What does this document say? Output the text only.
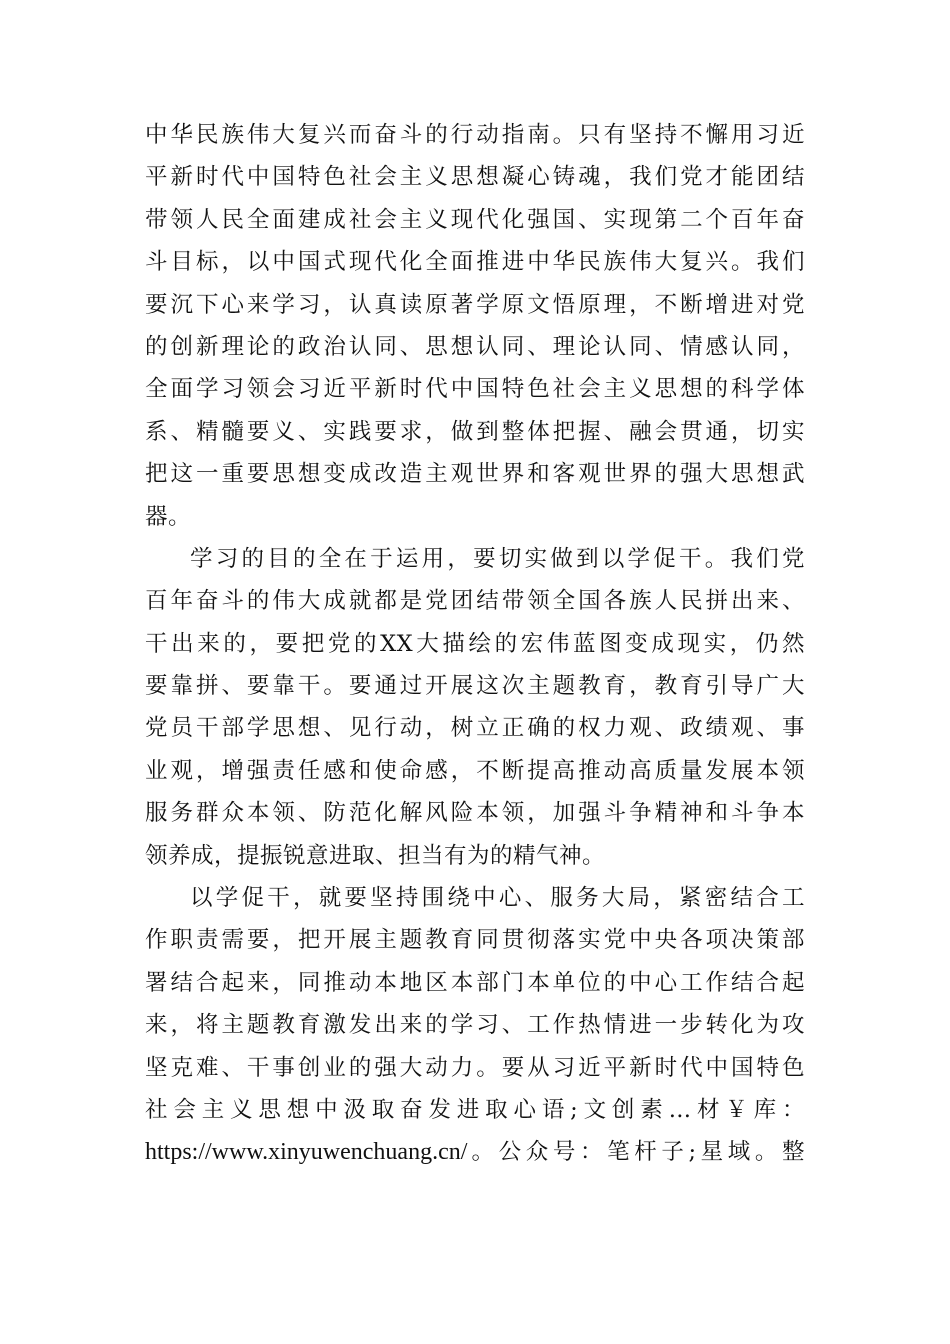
中华民族伟大复兴而奋斗的行动指南。只有坚持不懈用习近
平新时代中国特色社会主义思想凝心铸魂，我们党才能团结
带领人民全面建成社会主义现代化强国、实现第二个百年奋
斗目标，以中国式现代化全面推进中华民族伟大复兴。我们
要沉下心来学习，认真读原著学原文悟原理，不断增进对党
的创新理论的政治认同、思想认同、理论认同、情感认同，
全面学习领会习近平新时代中国特色社会主义思想的科学体
系、精髓要义、实践要求，做到整体把握、融会贯通，切实
把这一重要思想变成改造主观世界和客观世界的强大思想武
器。
学习的目的全在于运用，要切实做到以学促干。我们党
百年奋斗的伟大成就都是党团结带领全国各族人民拼出来、
干出来的，要把党的XX大描绘的宏伟蓝图变成现实，仍然
要靠拼、要靠干。要通过开展这次主题教育，教育引导广大
党员干部学思想、见行动，树立正确的权力观、政绩观、事
业观，增强责任感和使命感，不断提高推动高质量发展本领
服务群众本领、防范化解风险本领，加强斗争精神和斗争本
领养成，提振锐意进取、担当有为的精气神。
以学促干，就要坚持围绕中心、服务大局，紧密结合工
作职责需要，把开展主题教育同贯彻落实党中央各项决策部
署结合起来，同推动本地区本部门本单位的中心工作结合起
来，将主题教育激发出来的学习、工作热情进一步转化为攻
坚克难、干事创业的强大动力。要从习近平新时代中国特色
社会主义思想中汲取奋发进取心语;文创素…材￥库：
https://www.xinyuwenchuang.cn/。公众号：笔杆子;星域。整
